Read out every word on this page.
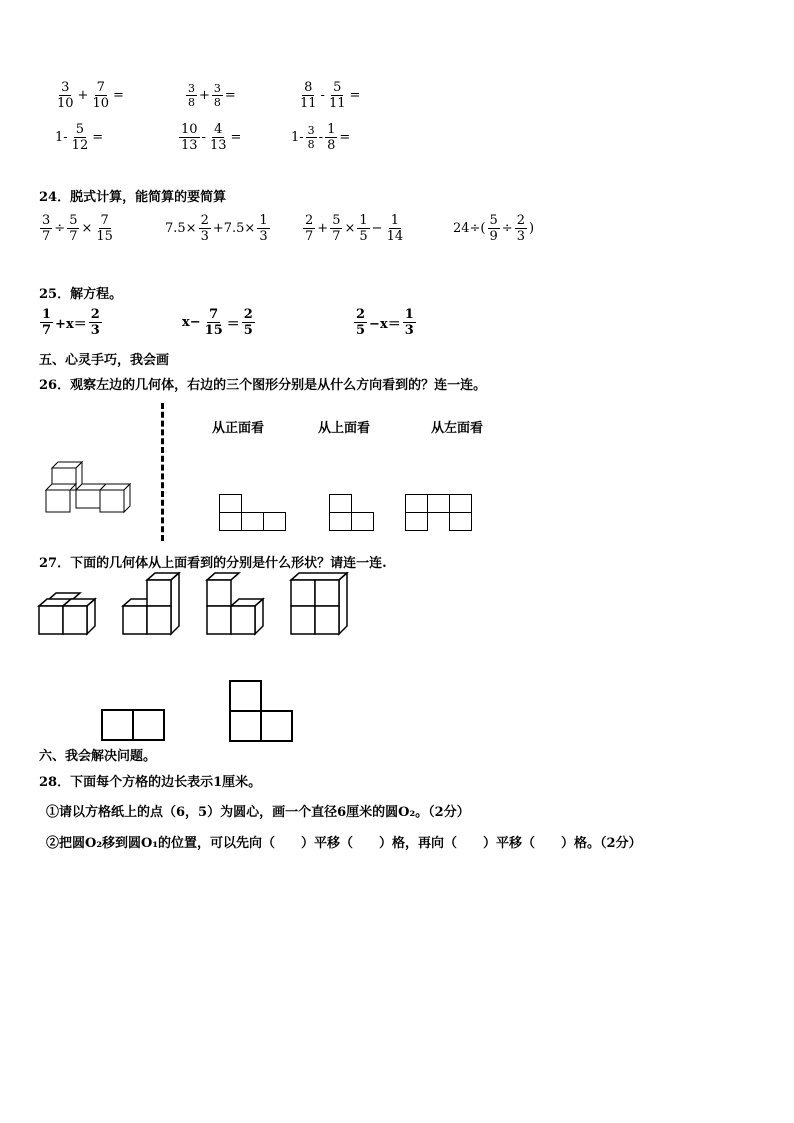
$\frac{3}{10} + \frac{7}{10}$ =	$\frac{3}{8} + \frac{3}{8}$ =	$\frac{8}{11} - \frac{5}{11}$ =
$1- \frac{5}{12}$ =	$\frac{10}{13} - \frac{4}{13}$ =	$1- \frac{3}{8} - \frac{1}{8}$ =
24．脱式计算，能简算的要简算
$\frac{3}{7} \div \frac{5}{7} \times \frac{7}{15}$	$7.5\times \frac{2}{3} +7.5\times \frac{1}{3}$	$\frac{2}{7} + \frac{5}{7} \times \frac{1}{5} - \frac{1}{14}$	$24\div( \frac{5}{9} \div \frac{2}{3}$ )
25．解方程。
$\frac{1}{7} +x= \frac{2}{3}$	$x- \frac{7}{15} = \frac{2}{5}$	$\frac{2}{5} -x= \frac{1}{3}$
五、心灵手巧，我会画
26．观察左边的几何体，右边的三个图形分别是从什么方向看到的？连一连。
从正面看	从上面看	从左面看
27．下面的几何体从上面看到的分别是什么形状？请连一连.
六、我会解决问题。
28．下面每个方格的边长表示1厘米。
①请以方格纸上的点（6，5）为圆心，画一个直径6厘米的圆O₂。（2分）
②把圆O₂移到圆O₁的位置，可以先向（　　）平移（　　）格，再向（　　）平移（　　）格。（2分）
